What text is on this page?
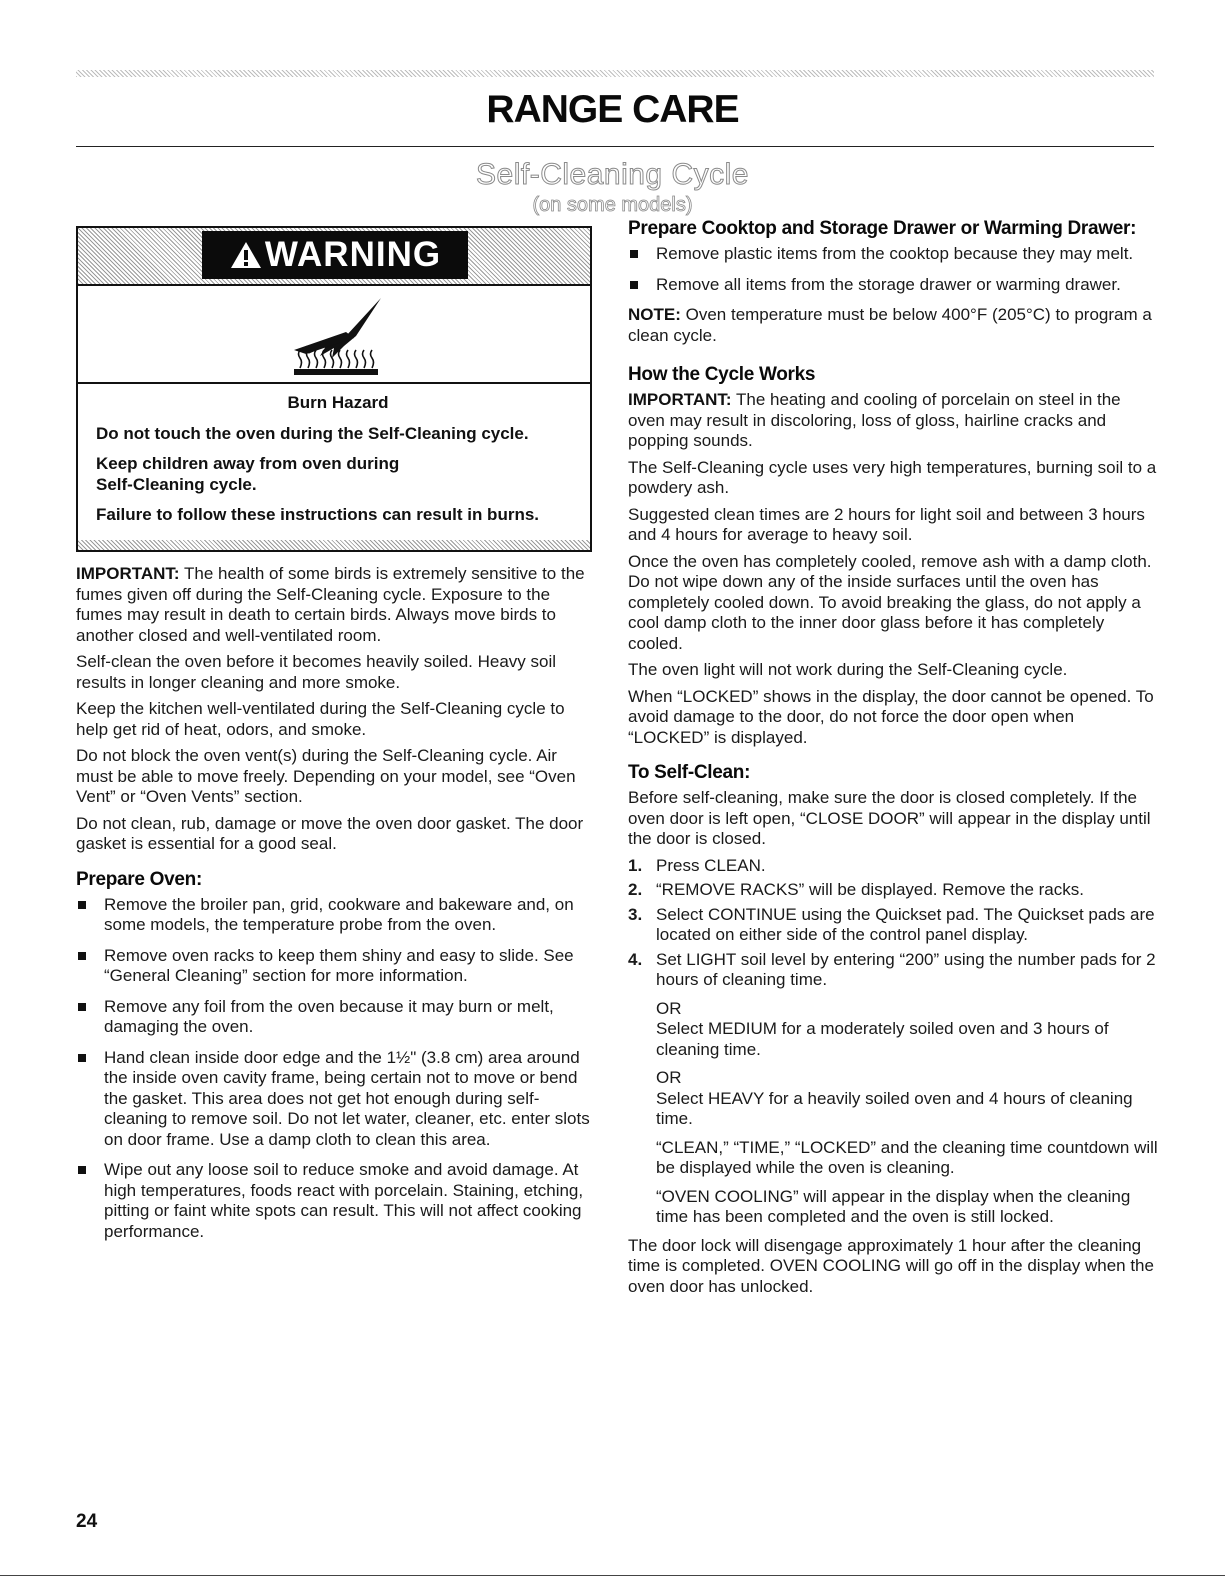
RANGE CARE
Self-Cleaning Cycle
(on some models)
WARNING
Burn Hazard

Do not touch the oven during the Self-Cleaning cycle.

Keep children away from oven during Self-Cleaning cycle.

Failure to follow these instructions can result in burns.

IMPORTANT: The health of some birds is extremely sensitive to the fumes given off during the Self-Cleaning cycle. Exposure to the fumes may result in death to certain birds. Always move birds to another closed and well-ventilated room.

Self-clean the oven before it becomes heavily soiled. Heavy soil results in longer cleaning and more smoke.

Keep the kitchen well-ventilated during the Self-Cleaning cycle to help get rid of heat, odors, and smoke.

Do not block the oven vent(s) during the Self-Cleaning cycle. Air must be able to move freely. Depending on your model, see “Oven Vent” or “Oven Vents” section.

Do not clean, rub, damage or move the oven door gasket. The door gasket is essential for a good seal.

Prepare Oven:
Remove the broiler pan, grid, cookware and bakeware and, on some models, the temperature probe from the oven.
Remove oven racks to keep them shiny and easy to slide. See “General Cleaning” section for more information.
Remove any foil from the oven because it may burn or melt, damaging the oven.
Hand clean inside door edge and the 1½" (3.8 cm) area around the inside oven cavity frame, being certain not to move or bend the gasket. This area does not get hot enough during self-cleaning to remove soil. Do not let water, cleaner, etc. enter slots on door frame. Use a damp cloth to clean this area.
Wipe out any loose soil to reduce smoke and avoid damage. At high temperatures, foods react with porcelain. Staining, etching, pitting or faint white spots can result. This will not affect cooking performance.
Prepare Cooktop and Storage Drawer or Warming Drawer:
Remove plastic items from the cooktop because they may melt.
Remove all items from the storage drawer or warming drawer.

NOTE: Oven temperature must be below 400°F (205°C) to program a clean cycle.

How the Cycle Works

IMPORTANT: The heating and cooling of porcelain on steel in the oven may result in discoloring, loss of gloss, hairline cracks and popping sounds.

The Self-Cleaning cycle uses very high temperatures, burning soil to a powdery ash.

Suggested clean times are 2 hours for light soil and between 3 hours and 4 hours for average to heavy soil.

Once the oven has completely cooled, remove ash with a damp cloth. Do not wipe down any of the inside surfaces until the oven has completely cooled down. To avoid breaking the glass, do not apply a cool damp cloth to the inner door glass before it has completely cooled.

The oven light will not work during the Self-Cleaning cycle.

When “LOCKED” shows in the display, the door cannot be opened. To avoid damage to the door, do not force the door open when “LOCKED” is displayed.

To Self-Clean:

Before self-cleaning, make sure the door is closed completely. If the oven door is left open, “CLOSE DOOR” will appear in the display until the door is closed.

1. Press CLEAN.
2. “REMOVE RACKS” will be displayed. Remove the racks.
3. Select CONTINUE using the Quickset pad. The Quickset pads are located on either side of the control panel display.
4. Set LIGHT soil level by entering “200” using the number pads for 2 hours of cleaning time.

OR
Select MEDIUM for a moderately soiled oven and 3 hours of cleaning time.

OR
Select HEAVY for a heavily soiled oven and 4 hours of cleaning time.

“CLEAN,” “TIME,” “LOCKED” and the cleaning time countdown will be displayed while the oven is cleaning.

“OVEN COOLING” will appear in the display when the cleaning time has been completed and the oven is still locked.

The door lock will disengage approximately 1 hour after the cleaning time is completed. OVEN COOLING will go off in the display when the oven door has unlocked.

24
